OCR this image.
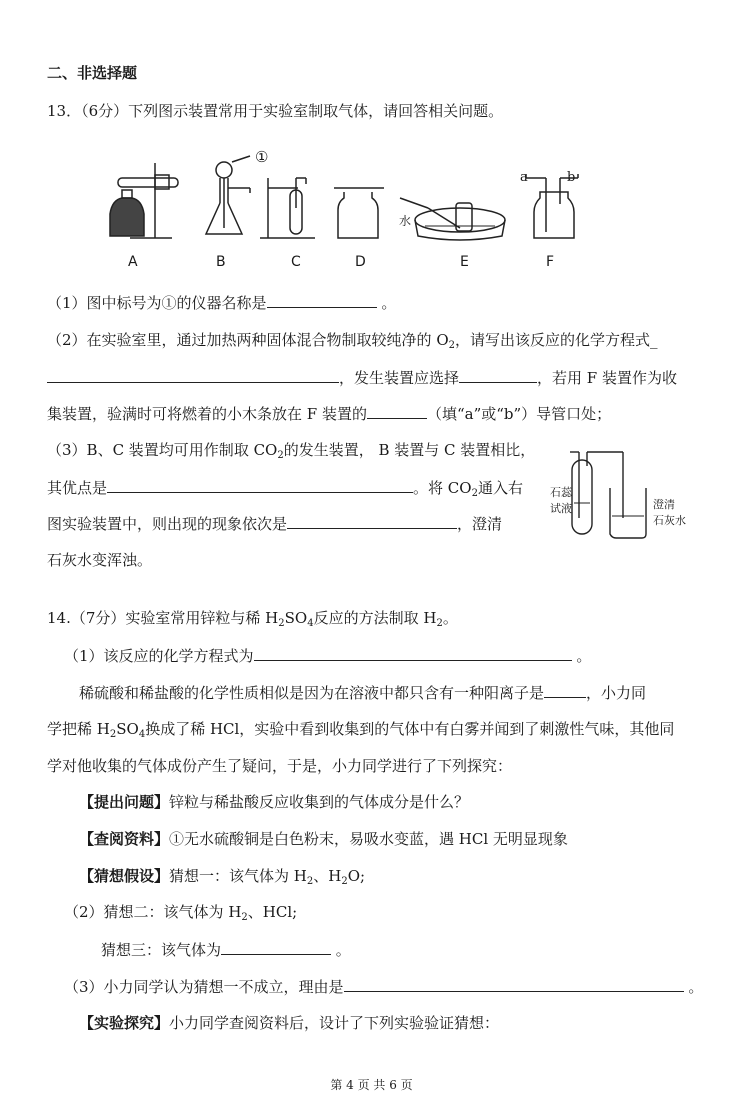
二、非选择题
13．（6分）下列图示装置常用于实验室制取气体，请回答相关问题。
①
水
a	b
A	B	C	D	E	F
（1）图中标号为①的仪器名称是	。
（2）在实验室里，通过加热两种固体混合物制取较纯净的 $O_2$，请写出该反应的化学方程式_
，发生装置应选择	，若用 F 装置作为收
集装置，验满时可将燃着的小木条放在 F 装置的	（填“a”或“b”）导管口处；
（3）B、C 装置均可用作制取 $CO_2$的发生装置， B 装置与 C 装置相比，
其优点是	。将 $CO_2$通入右
图实验装置中，则出现的现象依次是	，澄清
石灰水变浑浊。
石蕊
试液	澄清
石灰水
14.（7分）实验室常用锌粒与稀 $H_2SO_4$反应的方法制取 $H_2$。
（1）该反应的化学方程式为	。
稀硫酸和稀盐酸的化学性质相似是因为在溶液中都只含有一种阳离子是	，小力同
学把稀 $H_2SO_4$换成了稀 HCl，实验中看到收集到的气体中有白雾并闻到了刺激性气味，其他同
学对他收集的气体成份产生了疑问，于是，小力同学进行了下列探究：
【提出问题】锌粒与稀盐酸反应收集到的气体成分是什么？
【查阅资料】①无水硫酸铜是白色粉末，易吸水变蓝，遇 HCl 无明显现象
【猜想假设】猜想一：该气体为 $H_2$、$H_2O$;
（2）猜想二：该气体为 $H_2$、HCl;
猜想三：该气体为	。
（3）小力同学认为猜想一不成立，理由是	。
【实验探究】小力同学查阅资料后，设计了下列实验验证猜想：
第 4 页 共 6 页
